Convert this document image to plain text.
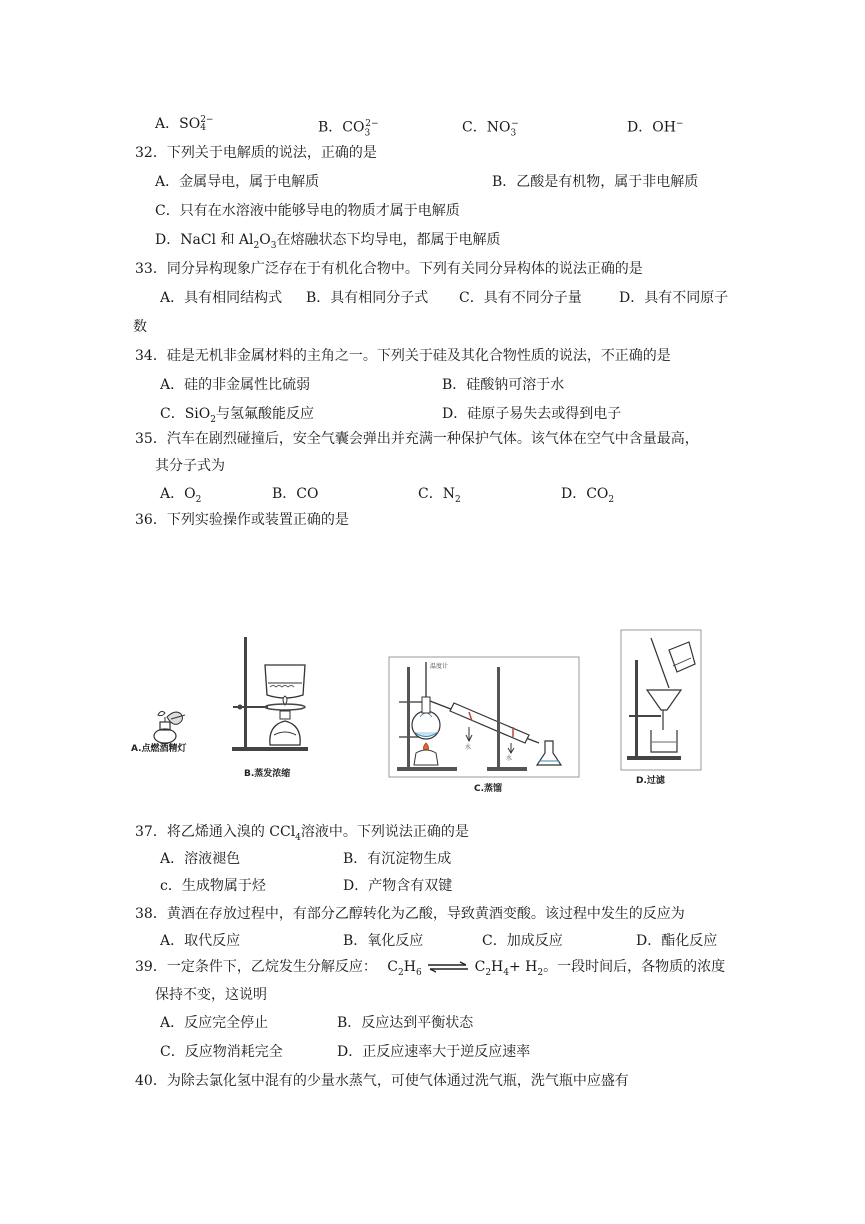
A．SO 2−
4	B．$CO_3^{2-}$	C．$NO_3^-$	D．OH−
32．下列关于电解质的说法，正确的是
A．金属导电，属于电解质	B．乙酸是有机物，属于非电解质
C．只有在水溶液中能够导电的物质才属于电解质
D．NaCl 和 $Al_2O_3$在熔融状态下均导电，都属于电解质
33．同分异构现象广泛存在于有机化合物中。下列有关同分异构体的说法正确的是
A．具有相同结构式 B．具有相同分子式 C．具有不同分子量	D．具有不同原子
数
34．硅是无机非金属材料的主角之一。下列关于硅及其化合物性质的说法，不正确的是
A．硅的非金属性比硫弱	B．硅酸钠可溶于水
C．SiO$_2$与氢氟酸能反应	D．硅原子易失去或得到电子
35．汽车在剧烈碰撞后，安全气囊会弹出并充满一种保护气体。该气体在空气中含量最高，
其分子式为
A．$O_2$	B．CO	C．$N_2$	D．$CO_2$
36．下列实验操作或装置正确的是
A.点燃酒精灯
B.蒸发浓缩
温度计
水
水
C.蒸馏
D.过滤
37．将乙烯通入溴的 CCl$_4$溶液中。下列说法正确的是
A．溶液褪色	B．有沉淀物生成
c．生成物属于烃	D．产物含有双键
38．黄酒在存放过程中，有部分乙醇转化为乙酸，导致黄酒变酸。该过程中发生的反应为
A．取代反应	B．氧化反应	C．加成反应	D．酯化反应
39．一定条件下，乙烷发生分解反应： $C_2H_6$ ⇌ $C_2H_4+ H_2$。一段时间后，各物质的浓度
保持不变，这说明
A．反应完全停止	B．反应达到平衡状态
C．反应物消耗完全	D．正反应速率大于逆反应速率
40．为除去氯化氢中混有的少量水蒸气，可使气体通过洗气瓶，洗气瓶中应盛有
